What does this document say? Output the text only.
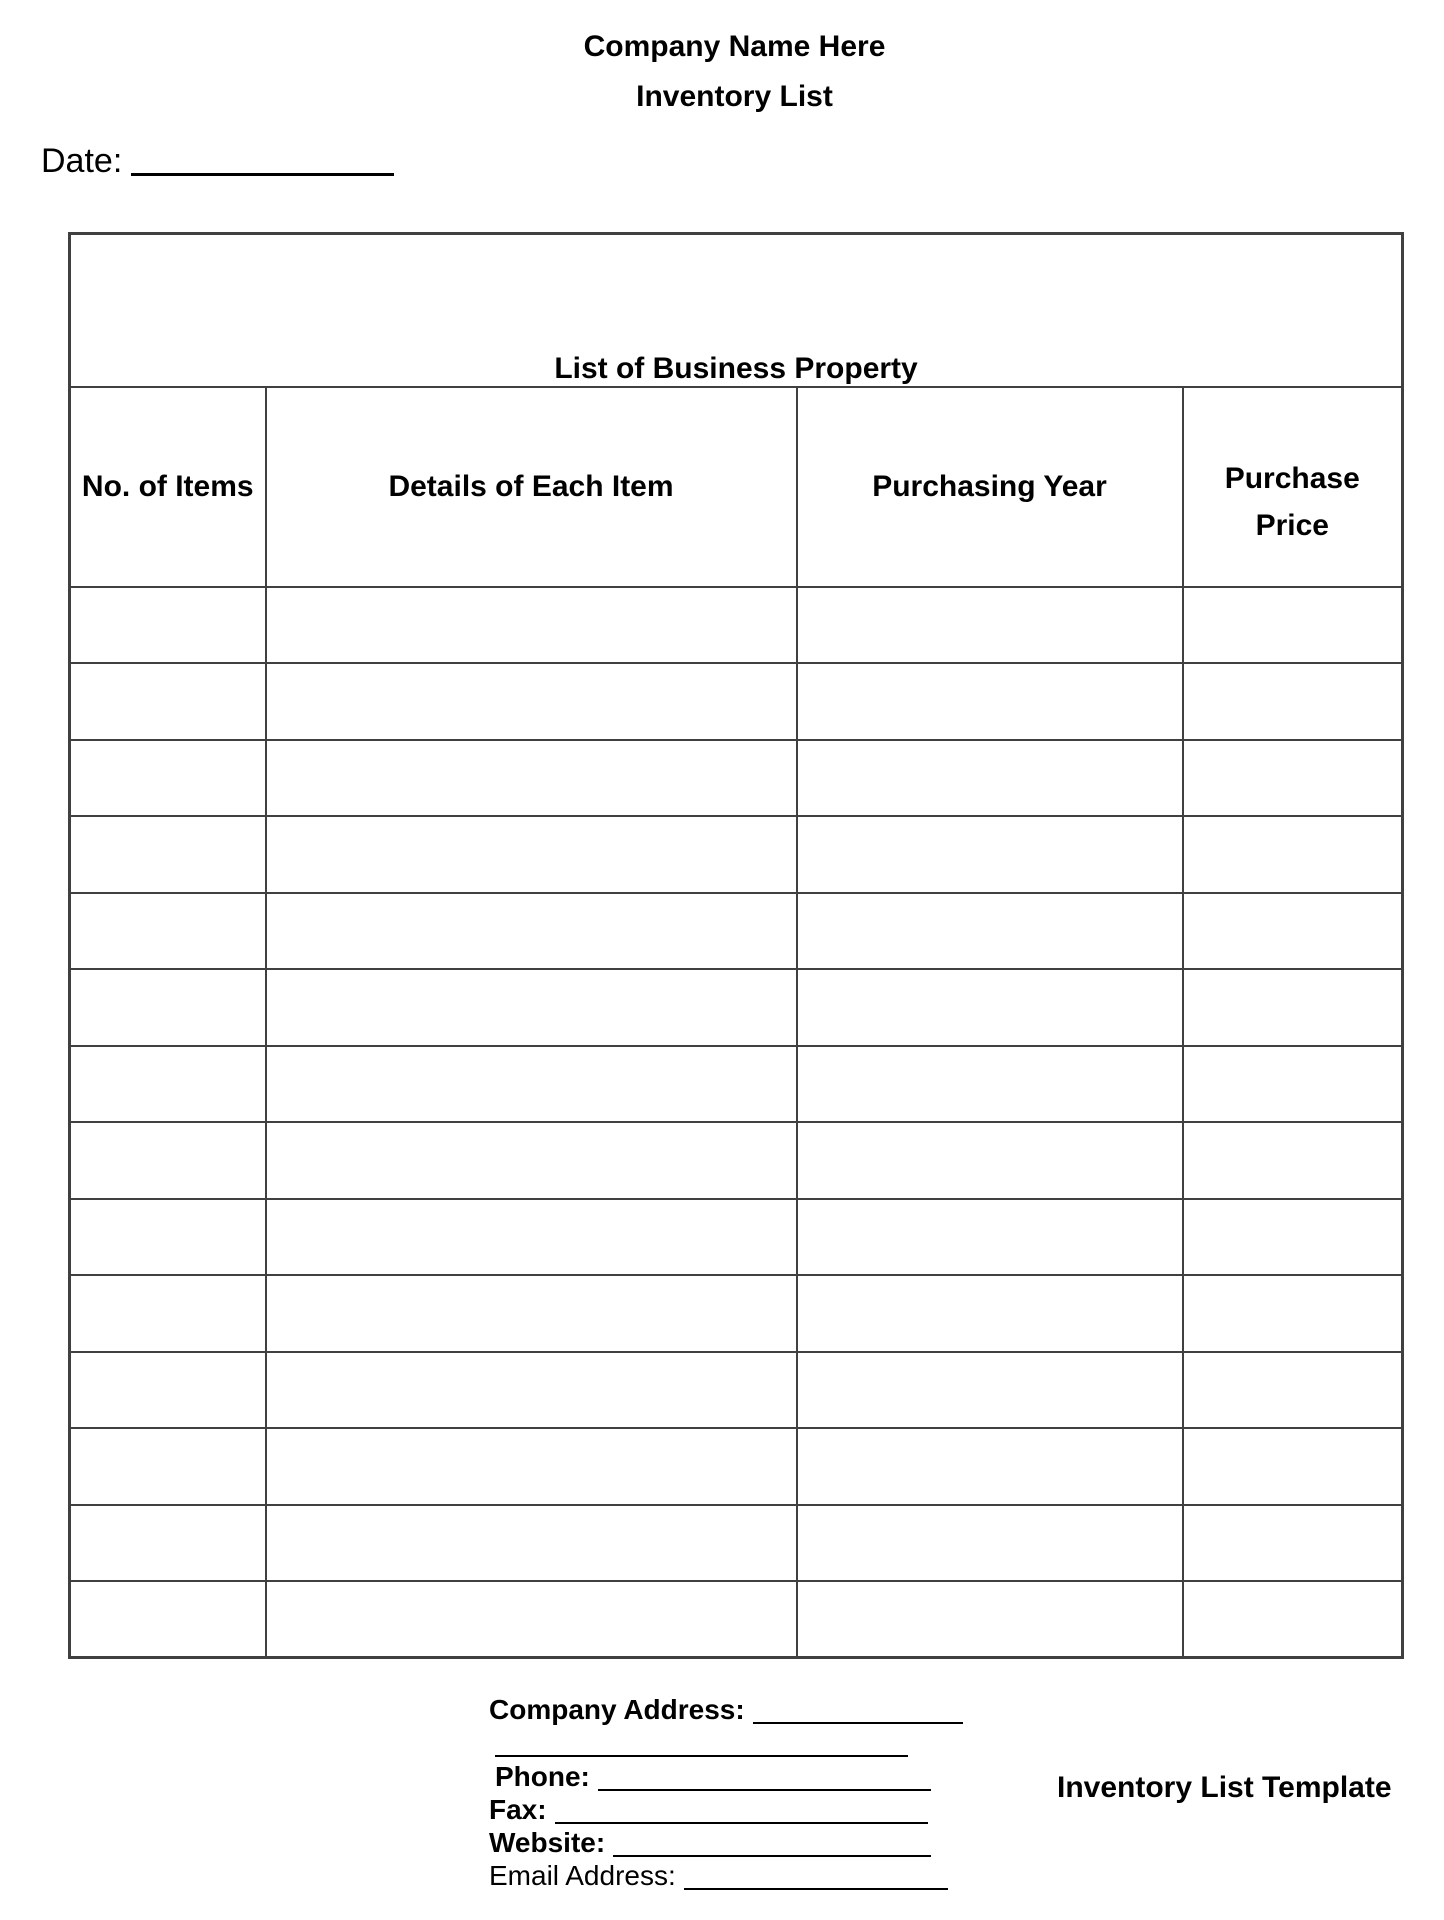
Company Name Here
Inventory List
Date:
List of Business Property			
No. of Items	Details of Each Item	Purchasing Year	Purchase Price

Company Address:
Phone:
Fax:
Website:
Email Address:
Inventory List Template
